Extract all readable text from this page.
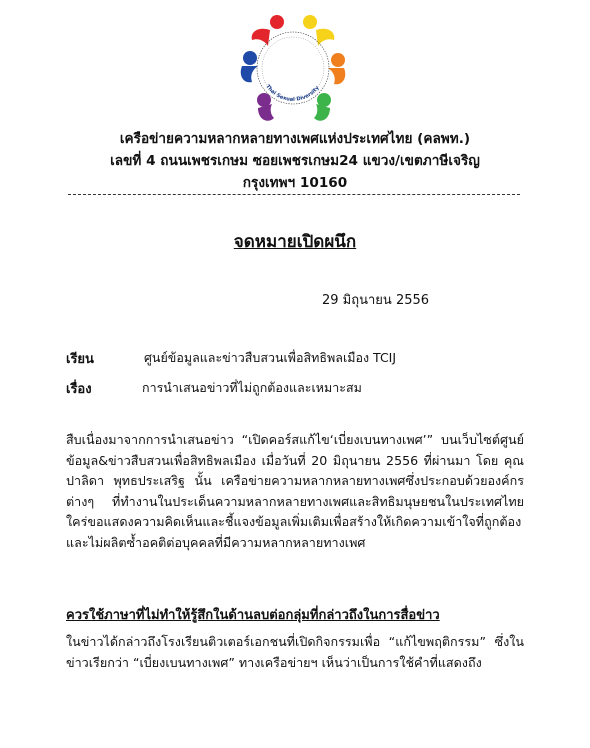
Thai Sexual Diversity
เครือข่ายความหลากหลายทางเพศแห่งประเทศไทย (คลพท.)
เลขที่ 4 ถนนเพชรเกษม ซอยเพชรเกษม24 แขวง/เขตภาษีเจริญ
กรุงเทพฯ 10160
จดหมายเปิดผนึก
29 มิถุนายน 2556
เรียน	ศูนย์ข้อมูลและข่าวสืบสวนเพื่อสิทธิพลเมือง TCIJ
เรื่อง	การนำเสนอข่าวที่ไม่ถูกต้องและเหมาะสม
สืบเนื่องมาจากการนำเสนอข่าว “เปิดคอร์สแก้ไข‘เบี่ยงเบนทางเพศ’” บนเว็บไซต์ศูนย์ข้อมูล&ข่าวสืบสวนเพื่อสิทธิพลเมือง เมื่อวันที่ 20 มิถุนายน 2556 ที่ผ่านมา โดย คุณปาลิดา พุทธประเสริฐ นั้น เครือข่ายความหลากหลายทางเพศซึ่งประกอบด้วยองค์กรต่างๆ ที่ทำงานในประเด็นความหลากหลายทางเพศและสิทธิมนุษยชนในประเทศไทย ใคร่ขอแสดงความคิดเห็นและชี้แจงข้อมูลเพิ่มเติมเพื่อสร้างให้เกิดความเข้าใจที่ถูกต้อง และไม่ผลิตซ้ำอคติต่อบุคคลที่มีความหลากหลายทางเพศ
ควรใช้ภาษาที่ไม่ทำให้รู้สึกในด้านลบต่อกลุ่มที่กล่าวถึงในการสื่อข่าว
ในข่าวได้กล่าวถึงโรงเรียนติวเตอร์เอกชนที่เปิดกิจกรรมเพื่อ “แก้ไขพฤติกรรม” ซึ่งในข่าวเรียกว่า “เบี่ยงเบนทางเพศ” ทางเครือข่ายฯ เห็นว่าเป็นการใช้คำที่แสดงถึง
